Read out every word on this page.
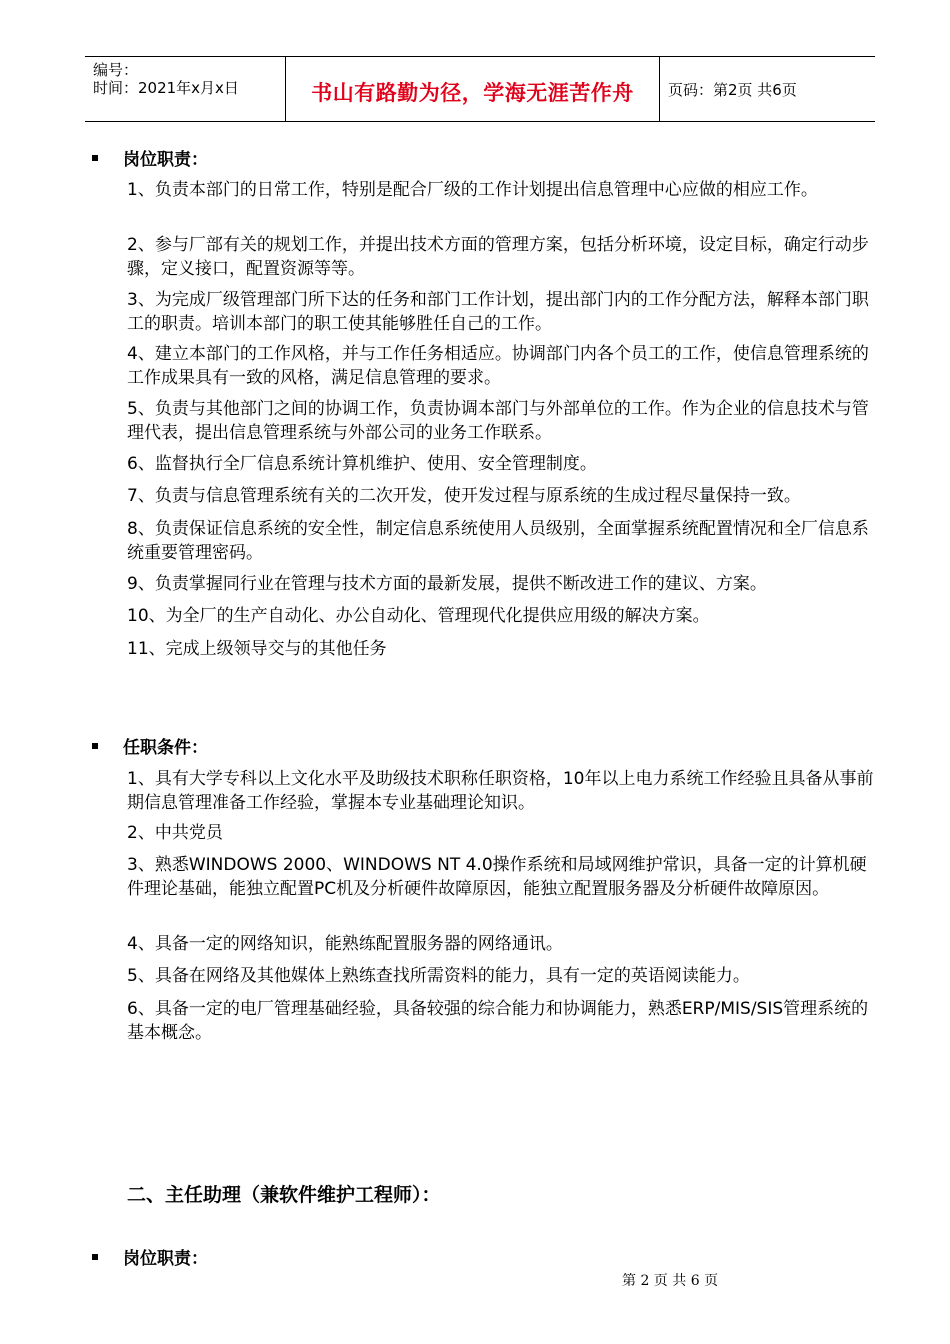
编号：
时间：2021年x月x日	书山有路勤为径，学海无涯苦作舟	页码：第2页 共6页
岗位职责：
1、负责本部门的日常工作，特别是配合厂级的工作计划提出信息管理中心应做的相应工作。
2、参与厂部有关的规划工作，并提出技术方面的管理方案，包括分析环境，设定目标，确定行动步骤，定义接口，配置资源等等。
3、为完成厂级管理部门所下达的任务和部门工作计划，提出部门内的工作分配方法，解释本部门职工的职责。培训本部门的职工使其能够胜任自己的工作。
4、建立本部门的工作风格，并与工作任务相适应。协调部门内各个员工的工作，使信息管理系统的工作成果具有一致的风格，满足信息管理的要求。
5、负责与其他部门之间的协调工作，负责协调本部门与外部单位的工作。作为企业的信息技术与管理代表，提出信息管理系统与外部公司的业务工作联系。
6、监督执行全厂信息系统计算机维护、使用、安全管理制度。
7、负责与信息管理系统有关的二次开发，使开发过程与原系统的生成过程尽量保持一致。
8、负责保证信息系统的安全性，制定信息系统使用人员级别，全面掌握系统配置情况和全厂信息系统重要管理密码。
9、负责掌握同行业在管理与技术方面的最新发展，提供不断改进工作的建议、方案。
10、为全厂的生产自动化、办公自动化、管理现代化提供应用级的解决方案。
11、完成上级领导交与的其他任务
任职条件：
1、具有大学专科以上文化水平及助级技术职称任职资格，10年以上电力系统工作经验且具备从事前期信息管理准备工作经验，掌握本专业基础理论知识。
2、中共党员
3、熟悉WINDOWS 2000、WINDOWS NT 4.0操作系统和局域网维护常识，具备一定的计算机硬件理论基础，能独立配置PC机及分析硬件故障原因，能独立配置服务器及分析硬件故障原因。
4、具备一定的网络知识，能熟练配置服务器的网络通讯。
5、具备在网络及其他媒体上熟练查找所需资料的能力，具有一定的英语阅读能力。
6、具备一定的电厂管理基础经验，具备较强的综合能力和协调能力，熟悉ERP/MIS/SIS管理系统的基本概念。
二、主任助理（兼软件维护工程师）：
岗位职责：
第 2 页 共 6 页
